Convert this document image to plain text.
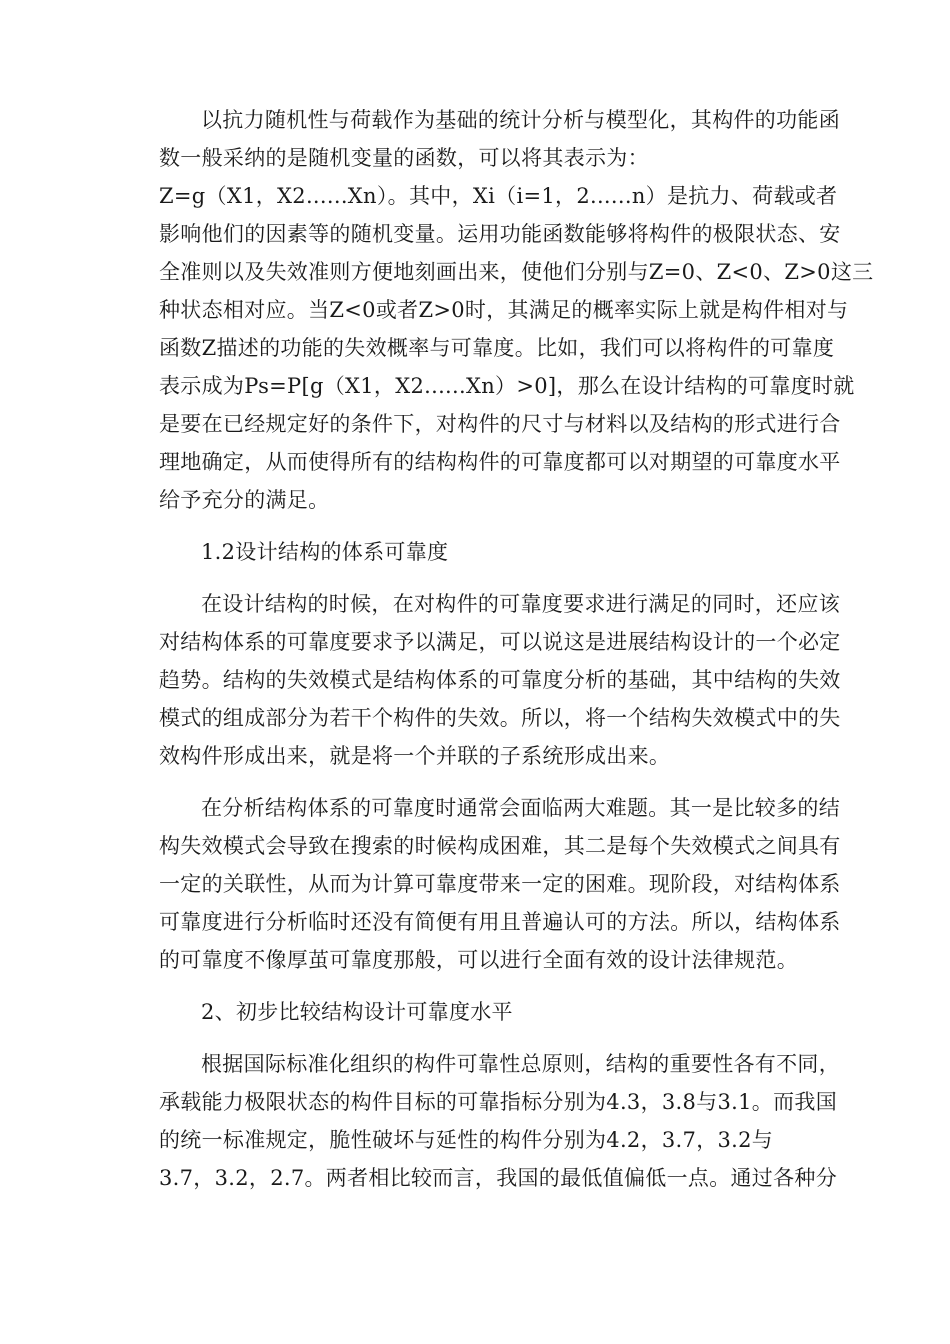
以抗力随机性与荷载作为基础的统计分析与模型化，其构件的功能函
数一般采纳的是随机变量的函数，可以将其表示为：
Z=g（X1，X2......Xn）。其中，Xi（i=1，2......n）是抗力、荷载或者
影响他们的因素等的随机变量。运用功能函数能够将构件的极限状态、安
全准则以及失效准则方便地刻画出来，使他们分别与Z=0、Z<0、Z>0这三
种状态相对应。当Z<0或者Z>0时，其满足的概率实际上就是构件相对与
函数Z描述的功能的失效概率与可靠度。比如，我们可以将构件的可靠度
表示成为Ps=P[g（X1，X2......Xn）>0]，那么在设计结构的可靠度时就
是要在已经规定好的条件下，对构件的尺寸与材料以及结构的形式进行合
理地确定，从而使得所有的结构构件的可靠度都可以对期望的可靠度水平
给予充分的满足。

1.2设计结构的体系可靠度

在设计结构的时候，在对构件的可靠度要求进行满足的同时，还应该
对结构体系的可靠度要求予以满足，可以说这是进展结构设计的一个必定
趋势。结构的失效模式是结构体系的可靠度分析的基础，其中结构的失效
模式的组成部分为若干个构件的失效。所以，将一个结构失效模式中的失
效构件形成出来，就是将一个并联的子系统形成出来。

在分析结构体系的可靠度时通常会面临两大难题。其一是比较多的结
构失效模式会导致在搜索的时候构成困难，其二是每个失效模式之间具有
一定的关联性，从而为计算可靠度带来一定的困难。现阶段，对结构体系
可靠度进行分析临时还没有简便有用且普遍认可的方法。所以，结构体系
的可靠度不像厚茧可靠度那般，可以进行全面有效的设计法律规范。

2、初步比较结构设计可靠度水平

根据国际标准化组织的构件可靠性总原则，结构的重要性各有不同，
承载能力极限状态的构件目标的可靠指标分别为4.3，3.8与3.1。而我国
的统一标准规定，脆性破坏与延性的构件分别为4.2，3.7，3.2与
3.7，3.2，2.7。两者相比较而言，我国的最低值偏低一点。通过各种分
